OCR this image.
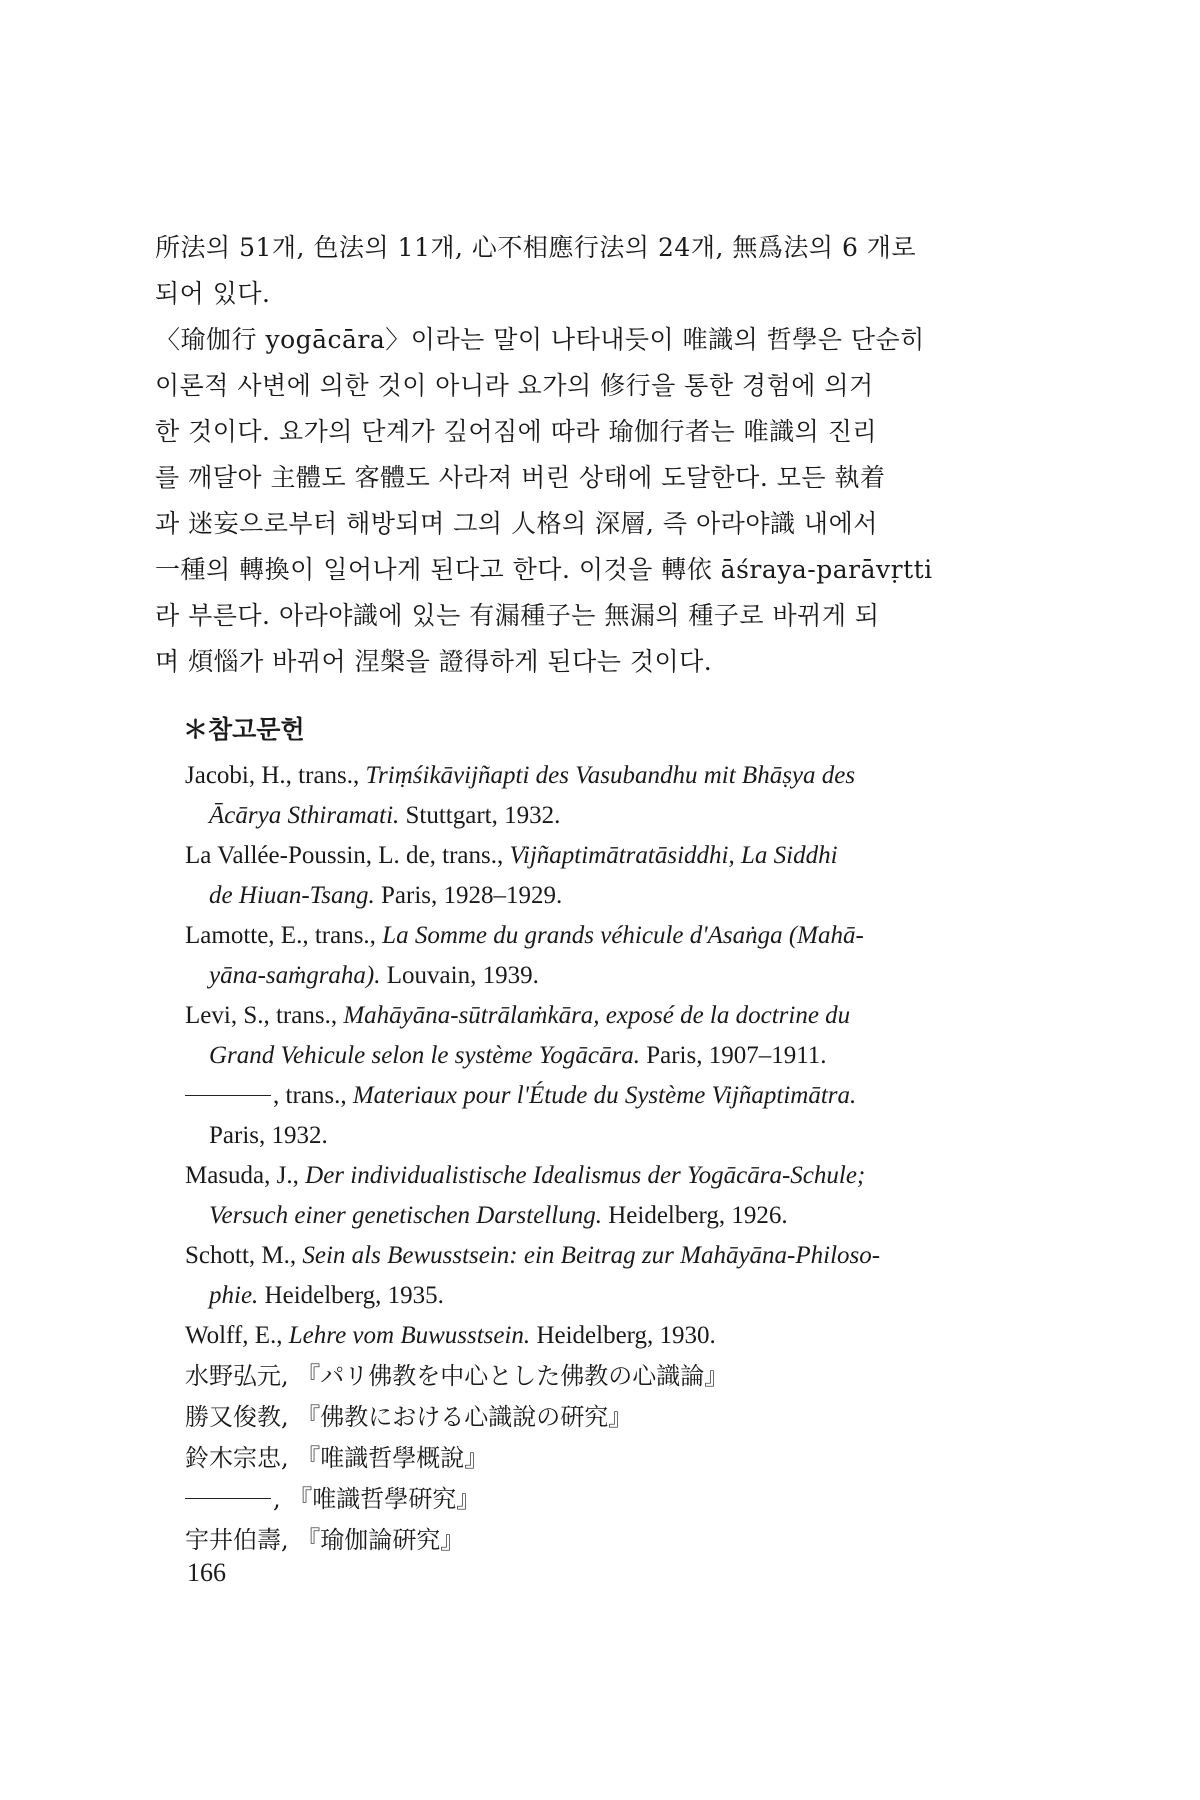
所法의 51개, 色法의 11개, 心不相應行法의 24개, 無爲法의 6 개로
되어 있다.
〈瑜伽行 yogācāra〉이라는 말이 나타내듯이 唯識의 哲學은 단순히
이론적 사변에 의한 것이 아니라 요가의 修行을 통한 경험에 의거
한 것이다. 요가의 단계가 깊어짐에 따라 瑜伽行者는 唯識의 진리
를 깨달아 主體도 客體도 사라져 버린 상태에 도달한다. 모든 執着
과 迷妄으로부터 해방되며 그의 人格의 深層, 즉 아라야識 내에서
一種의 轉換이 일어나게 된다고 한다. 이것을 轉依 āśraya-parāvṛtti
라 부른다. 아라야識에 있는 有漏種子는 無漏의 種子로 바뀌게 되
며 煩惱가 바뀌어 涅槃을 證得하게 된다는 것이다.
＊참고문헌
Jacobi, H., trans., Triṃśikāvijñapti des Vasubandhu mit Bhāṣya des
Ācārya Sthiramati. Stuttgart, 1932.
La Vallée-Poussin, L. de, trans., Vijñaptimātratāsiddhi, La Siddhi
de Hiuan-Tsang. Paris, 1928–1929.
Lamotte, E., trans., La Somme du grands véhicule d'Asaṅga (Mahā-
yāna-saṁgraha). Louvain, 1939.
Levi, S., trans., Mahāyāna-sūtrālaṁkāra, exposé de la doctrine du
Grand Vehicule selon le système Yogācāra. Paris, 1907–1911.
, trans., Materiaux pour l'Étude du Système Vijñaptimātra.
Paris, 1932.
Masuda, J., Der individualistische Idealismus der Yogācāra-Schule;
Versuch einer genetischen Darstellung. Heidelberg, 1926.
Schott, M., Sein als Bewusstsein: ein Beitrag zur Mahāyāna-Philoso-
phie. Heidelberg, 1935.
Wolff, E., Lehre vom Buwusstsein. Heidelberg, 1930.
水野弘元, 『パリ佛教を中心とした佛教の心識論』
勝又俊教, 『佛教における心識說の硏究』
鈴木宗忠, 『唯識哲學概說』
, 『唯識哲學硏究』
宇井伯壽, 『瑜伽論硏究』
166
